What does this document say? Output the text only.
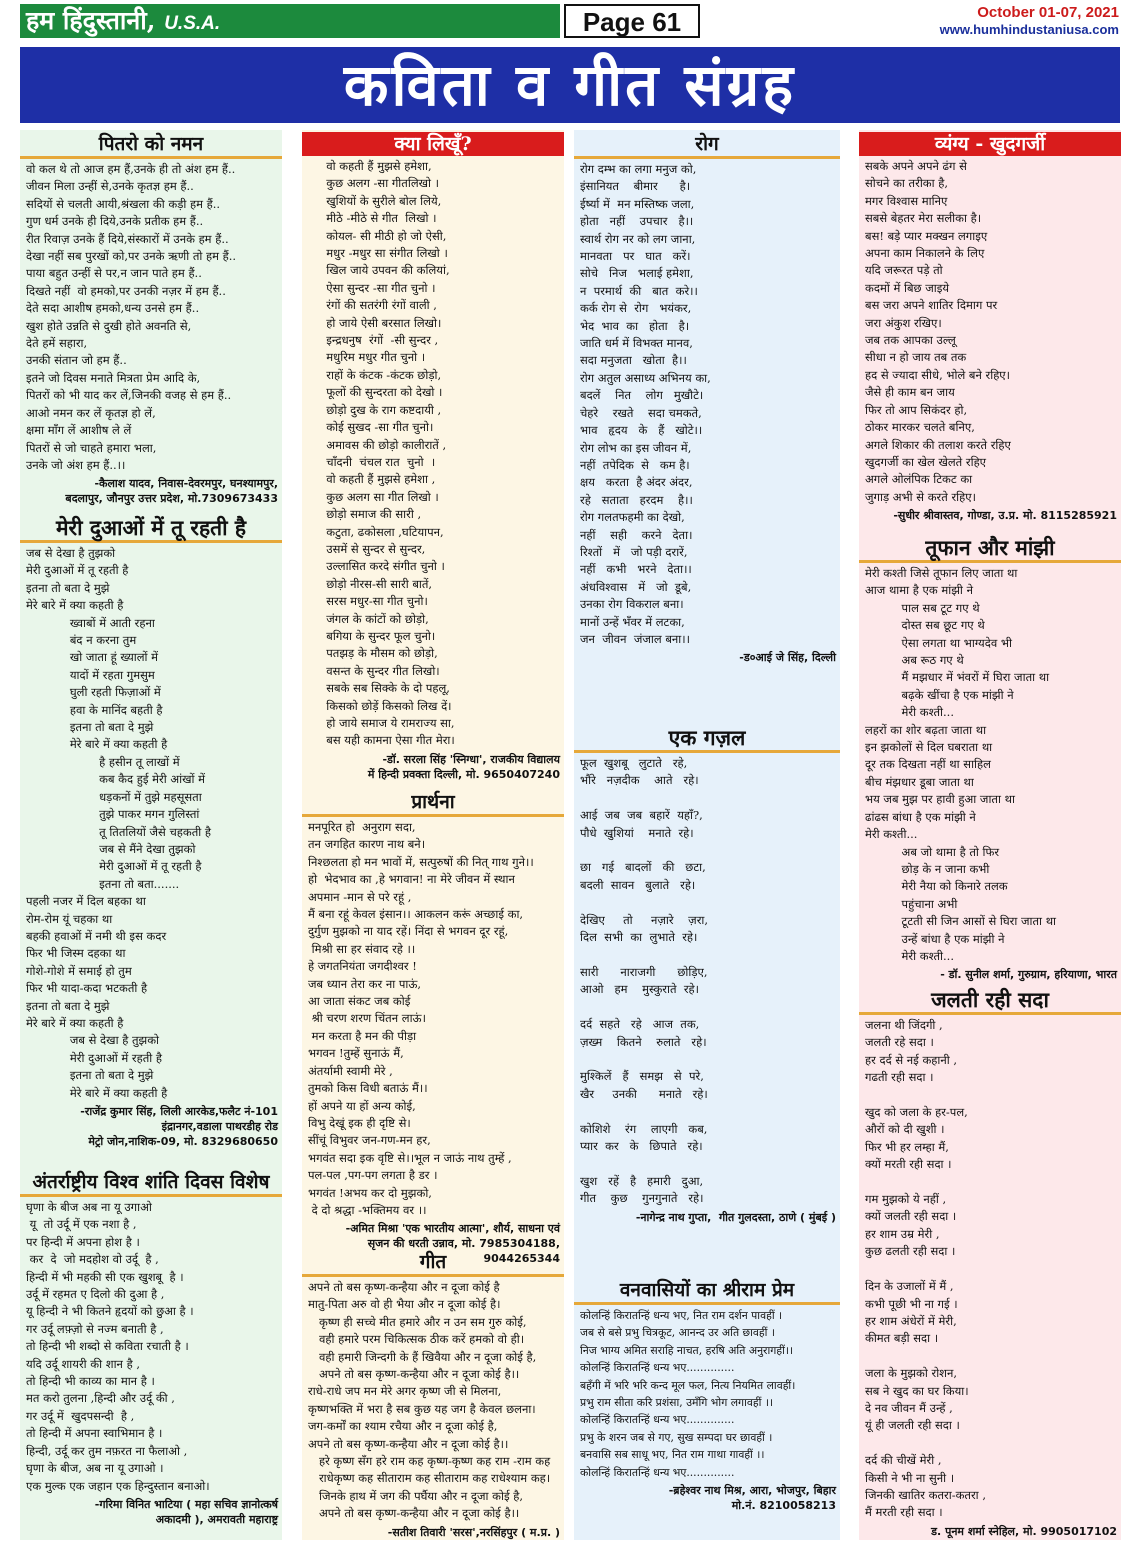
हम हिंदुस्तानी, U.S.A.	Page 61	October 01-07, 2021
www.humhindustaniusa.com
कविता व गीत संग्रह
पितरो को नमन
वो कल थे तो आज हम हैं,उनके ही तो अंश हम हैं..
जीवन मिला उन्हीं से,उनके कृतज्ञ हम हैं..
सदियों से चलती आयी,श्रंखला की कड़ी हम हैं..
गुण धर्म उनके ही दिये,उनके प्रतीक हम हैं..
रीत रिवाज़ उनके हैं दिये,संस्कारों में उनके हम हैं..
देखा नहीं सब पुरखों को,पर उनके ऋणी तो हम हैं..
पाया बहुत उन्हीं से पर,न जान पाते हम हैं..
दिखते नहीं  वो हमको,पर उनकी नज़र में हम हैं..
देते सदा आशीष हमको,धन्य उनसे हम हैं..
खुश होते उन्नति से दुखी होते अवनति से,
देते हमें सहारा,
उनकी संतान जो हम हैं..
इतने जो दिवस मनाते मित्रता प्रेम आदि के,
पितरों को भी याद कर लें,जिनकी वजह से हम हैं..
आओ नमन कर लें कृतज्ञ हो लें,
क्षमा माँग लें आशीष ले लें
पितरों से जो चाहते हमारा भला,
उनके जो अंश हम हैं..।।
-कैलाश यादव, निवास-देवरमपुर, घनश्यामपुर,
बदलापुर, जौनपुर उत्तर प्रदेश, मो.7309673433
मेरी दुआओं में तू रहती है
जब से देखा है तुझको
मेरी दुआओं में तू रहती है
इतना तो बता दे मुझे
मेरे बारे में क्या कहती है
ख्वाबों में आती रहना
बंद न करना तुम
खो जाता हूं ख्यालों में
यादों में रहता गुमसुम
घुली रहती फिज़ाओं में
हवा के मानिंद बहती है
इतना तो बता दे मुझे
मेरे बारे में क्या कहती है
है हसीन तू लाखों में
कब कैद हुई मेरी आंखों में
धड़कनों में तुझे महसूसता
तुझे पाकर मगन गुलिस्तां
तू तितलियों जैसे चहकती है
जब से मैंने देखा तुझको
मेरी दुआओं में तू रहती है
इतना तो बता.......
पहली नजर में दिल बहका था
रोम-रोम यूं चहका था
बहकी हवाओं में नमी थी इस कदर
फिर भी जिस्म दहका था
गोशे-गोशे में समाई हो तुम
फिर भी यादा-कदा भटकती है
इतना तो बता दे मुझे
मेरे बारे में क्या कहती है
जब से देखा है तुझको
मेरी दुआओं में रहती है
इतना तो बता दे मुझे
मेरे बारे में क्या कहती है
-राजेंद्र कुमार सिंह, लिली आरकेड,फलैट नं-101
इंद्रानगर,वडाला पाथरडीह रोड
मेट्रो जोन,नाशिक-09, मो. 8329680650
अंतर्राष्ट्रीय विश्व शांति दिवस विशेष
घृणा के बीज अब ना यू उगाओ
यू  तो उर्दू में एक नशा है ,
पर हिन्दी में अपना होश है ।
कर  दे  जो मदहोश वो उर्दू  है ,
हिन्दी में भी महकी सी एक खुशबू  है ।
उर्दू में रहमत ए दिलो की दुआ है ,
यू हिन्दी ने भी कितने हृदयों को छुआ है ।
गर उर्दू लफ़्ज़ो से नज्म बनाती है ,
तो हिन्दी भी शब्दो से कविता रचाती है ।
यदि उर्दू शायरी की शान है ,
तो हिन्दी भी काव्य का मान है ।
मत करो तुलना ,हिन्दी और उर्दू की ,
गर उर्दू में  खुदपसन्दी  है ,
तो हिन्दी में अपना स्वाभिमान है ।
हिन्दी, उर्दू कर तुम नफ़रत ना फैलाओ ,
घृणा के बीज, अब ना यू उगाओ ।
एक मुल्क एक जहान एक हिन्दुस्तान बनाओ।
-गरिमा विनित भाटिया ( महा सचिव ज्ञानोत्कर्ष
अकादमी ), अमरावती महाराष्ट्र
क्या लिखूँ?
वो कहती हैं मुझसे हमेशा,
कुछ अलग -सा गीतलिखो ।
खुशियों के सुरीले बोल लिये,
मीठे -मीठे से गीत  लिखो ।
कोयल- सी मीठी हो जो ऐसी,
मधुर -मधुर सा संगीत लिखो ।
खिल जाये उपवन की कलियां,
ऐसा सुन्दर -सा गीत चुनो ।
रंगों की सतरंगी रंगों वाली ,
हो जाये ऐसी बरसात लिखो।
इन्द्रधनुष  रंगों  -सी सुन्दर ,
मधुरिम मधुर गीत चुनो ।
राहों के कंटक -कंटक छोड़ो,
फूलों की सुन्दरता को देखो ।
छोड़ो दुख के राग कष्टदायी ,
कोई सुखद -सा गीत चुनो।
अमावस की छोड़ो कालीरातें ,
चाँदनी  चंचल रात  चुनो  ।
वो कहती हैं मुझसे हमेशा ,
कुछ अलग सा गीत लिखो ।
छोड़ो समाज की सारी ,
कटुता, ढकोसला ,घटियापन,
उसमें से सुन्दर से सुन्दर,
उल्लासित करदे संगीत चुनो ।
छोड़ो नीरस-सी सारी बातें,
सरस मधुर-सा गीत चुनो।
जंगल के कांटों को छोड़ो,
बगिया के सुन्दर फूल चुनो।
पतझड़ के मौसम को छोड़ो,
वसन्त के सुन्दर गीत लिखो।
सबके सब सिक्के के दो पहलू,
किसको छोड़ें किसको लिख दें।
हो जाये समाज ये रामराज्य सा,
बस यही कामना ऐसा गीत मेरा।
-डॉ. सरला सिंह 'स्निग्धा', राजकीय विद्यालय
में हिन्दी प्रवक्ता दिल्ली, मो. 9650407240
प्रार्थना
मनपूरित हो  अनुराग सदा,
तन जगहित कारण नाथ बने।
निश्छलता हो मन भावों में, सत्पुरुषों की नित् गाथ गुने।।
हो  भेदभाव का ,हे भगवान! ना मेरे जीवन में स्थान
अपमान -मान से परे रहूं ,
मैं बना रहूं केवल इंसान।। आकलन करूं अच्छाई का,
दुर्गुण मुझको ना याद रहें। निंदा से भगवन दूर रहूं,
मिश्री सा हर संवाद रहे ।।
हे जगतनियंता जगदीश्वर !
जब ध्यान तेरा कर ना पाऊं,
आ जाता संकट जब कोई
श्री चरण शरण चिंतन लाऊं।
मन करता है मन की पीड़ा
भगवन !तुम्हें सुनाऊं मैं,
अंतर्यामी स्वामी मेरे ,
तुमको किस विधी बताऊं मैं।।
हों अपने या हों अन्य कोई,
विभु देखूं इक ही दृष्टि से।
सींचूं विभुवर जन-गण-मन हर,
भगवंत सदा इक वृष्टि से।।भूल न जाऊं नाथ तुम्हें ,
पल-पल ,पग-पग लगता है डर ।
भगवंत !अभय कर दो मुझको,
दे दो श्रद्धा -भक्तिमय वर ।।
-अमित मिश्रा 'एक भारतीय आत्मा', शौर्य, साधना एवं
सृजन की धरती उन्नाव, मो. 7985304188, 9044265344
गीत
अपने तो बस कृष्ण-कन्हैया और न दूजा कोई है
मातु-पिता अरु वो ही भैया और न दूजा कोई है।
कृष्ण ही सच्चे मीत हमारे और न उन सम गुरु कोई,
वही हमारे परम चिकित्सक ठीक करें हमको वो ही।
वही हमारी जिन्दगी के हैं खिवैया और न दूजा कोई है,
अपने तो बस कृष्ण-कन्हैया और न दूजा कोई है।।
राधे-राधे जप मन मेरे अगर कृष्ण जी से मिलना,
कृष्णभक्ति में भरा है सब कुछ यह जग है केवल छलना।
जग-कर्मों का श्याम रचैया और न दूजा कोई है,
अपने तो बस कृष्ण-कन्हैया और न दूजा कोई है।।
हरे कृष्ण सँग हरे राम कह कृष्ण-कृष्ण कह राम -राम कह
राधेकृष्ण कह सीताराम कह सीताराम कह राधेश्याम कह।
जिनके हाथ में जग की पर्घैया और न दूजा कोई है,
अपने तो बस कृष्ण-कन्हैया और न दूजा कोई है।।
-सतीश तिवारी 'सरस',नरसिंहपुर ( म.प्र. )
रोग
रोग दम्भ का लगा मनुज को,
इंसानियत    बीमार      है।
ईर्ष्या में  मन मस्तिष्क जला,
होता   नहीं    उपचार   है।।
स्वार्थ रोग नर को लग जाना,
मानवता   पर   घात   करें।
सोचे   निज   भलाई हमेशा,
न  परमार्थ  की   बात  करे।।
कर्क रोग से  रोग   भयंकर,
भेद  भाव  का   होता   है।
जाति धर्म में विभक्त मानव,
सदा मनुजता   खोता  है।।
रोग अतुल असाध्य अभिनय का,
बदलें    नित    लोग   मुखौटे।
चेहरे    रखते    सदा चमकते,
भाव   हृदय   के   हैं   खोटे।।
रोग लोभ का इस जीवन में,
नहीं  तपेदिक  से   कम है।
क्षय   करता  है अंदर अंदर,
रहे   सताता   हरदम    है।।
रोग गलतफहमी का देखो,
नहीं    सही    करने   देता।
रिश्तों   में   जो पड़ी दरारें,
नहीं   कभी   भरने   देता।।
अंधविश्वास   में   जो  डूबे,
उनका रोग विकराल बना।
मानों उन्हें भँवर में लटका,
जन  जीवन  जंजाल बना।।
-ड०आई जे सिंह, दिल्ली
एक गज़ल
फूल  खुशबू   लुटाते   रहे,
भौंरे   नज़दीक    आते   रहे।

आई  जब  जब  बहारें  यहाँ?,
पौधे  खुशियां    मनाते  रहे।

छा   गई   बादलों   की   छटा,
बदली  सावन   बुलाते   रहे।

देखिए     तो     नज़ारे    ज़रा,
दिल  सभी  का  लुभाते  रहे।

सारी      नाराजगी      छोड़िए,
आओ   हम    मुस्कुराते  रहे।

दर्द  सहते   रहे   आज  तक,
ज़ख्म    कितने    रुलाते   रहे।

मुश्किलें   हैं   समझ   से  परे,
खैर     उनकी      मनाते   रहे।

कोशिशे    रंग    लाएगी   कब,
प्यार  कर   के   छिपाते   रहे।

खुश   रहें   है   हमारी   दुआ,
गीत    कुछ    गुनगुनाते   रहे।
-नागेन्द्र नाथ गुप्ता,  गीत गुलदस्ता, ठाणे ( मुंबई )
वनवासियों का श्रीराम प्रेम
कोलन्हिं किरातन्हिं धन्य भए, नित राम दर्शन पावहीं ।
जब से बसे प्रभु चित्रकूट, आनन्द उर अति छावहीं ।
निज भाग्य अमित सराहि नाचत, हरषि अति अनुरागहीं।।
कोलन्हिं किरातन्हिं धन्य भए..............
बहँगी में भरि भरि कन्द मूल फल, नित्य नियमित लावहीं।
प्रभु राम सीता करि प्रशंसा, उमँगि भोग लगावहीं ।।
कोलन्हिं किरातन्हिं धन्य भए..............
प्रभु के शरन जब से गए, सुख सम्पदा घर छावहीं ।
बनवासि सब साधू भए, नित राम गाथा गावहीं ।।
कोलन्हिं किरातन्हिं धन्य भए..............
-ब्रहेश्वर नाथ मिश्र, आरा, भोजपुर, बिहार
मो.नं. 8210058213
व्यंग्य - खुदगर्जी
सबके अपने अपने ढंग से
सोचने का तरीका है,
मगर विश्वास मानिए
सबसे बेहतर मेरा सलीका है।
बस! बड़े प्यार मक्खन लगाइए
अपना काम निकालने के लिए
यदि जरूरत पड़े तो
कदमों में बिछ जाइये
बस जरा अपने शातिर दिमाग पर
जरा अंकुश रखिए।
जब तक आपका उल्लू
सीधा न हो जाय तब तक
हद से ज्यादा सीधे, भोले बने रहिए।
जैसे ही काम बन जाय
फिर तो आप सिकंदर हो,
ठोकर मारकर चलते बनिए,
अगले शिकार की तलाश करते रहिए
खुदगर्जी का खेल खेलते रहिए
अगले ओलंपिक टिकट का
जुगाड़ अभी से करते रहिए।
-सुधीर श्रीवास्तव, गोण्डा, उ.प्र. मो. 8115285921
तूफान और मांझी
मेरी कश्ती जिसे तूफान लिए जाता था
आज थामा है एक मांझी ने
पाल सब टूट गए थे
दोस्त सब छूट गए थे
ऐसा लगता था भाग्यदेव भी
अब रूठ गए थे
मैं मझधार में भंवरों में घिरा जाता था
बढ़के खींचा है एक मांझी ने
मेरी कश्ती...
लहरों का शोर बढ़ता जाता था
इन झकोलों से दिल घबराता था
दूर तक दिखता नहीं था साहिल
बीच मंझधार डूबा जाता था
भय जब मुझ पर हावी हुआ जाता था
ढांढस बांधा है एक मांझी ने
मेरी कश्ती...
अब जो थामा है तो फिर
छोड़ के न जाना कभी
मेरी नैया को किनारे तलक
पहुंचाना अभी
टूटती सी जिन आसों से घिरा जाता था
उन्हें बांधा है एक मांझी ने
मेरी कश्ती...
- डॉ. सुनील शर्मा, गुरुग्राम, हरियाणा, भारत
जलती रही सदा
जलना थी जिंदगी ,
जलती रहे सदा ।
हर दर्द से नई कहानी ,
गढती रही सदा ।

खुद को जला के हर-पल,
औरों को दी खुशी ।
फिर भी हर लम्हा मैं,
क्यों मरती रही सदा ।

गम मुझको ये नहीं ,
क्यों जलती रही सदा ।
हर शाम उम्र मेरी ,
कुछ ढलती रही सदा ।

दिन के उजालों में मैं ,
कभी पूछी भी ना गई ।
हर शाम अंधेरों में मेरी,
कीमत बड़ी सदा ।

जला के मुझको रोशन,
सब ने खुद का घर किया।
दे नव जीवन मैं उन्हें ,
यूं ही जलती रही सदा ।

दर्द की चीखें मेरी ,
किसी ने भी ना सुनी ।
जिनकी खातिर कतरा-कतरा ,
मैं मरती रही सदा ।
ड. पूनम शर्मा स्नेहिल, मो. 9905017102
